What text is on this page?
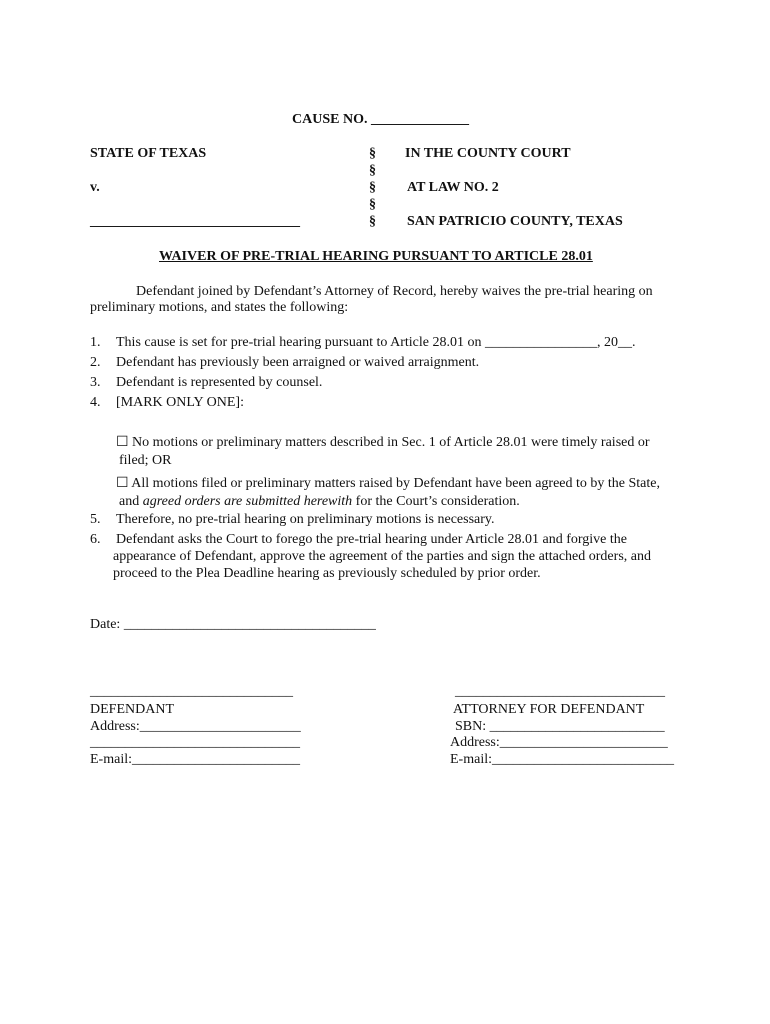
CAUSE NO. ______________
STATE OF TEXAS
v.
______________________________
§
§
§
§
§
IN THE COUNTY COURT
AT LAW NO. 2
SAN PATRICIO COUNTY, TEXAS
WAIVER OF PRE-TRIAL HEARING PURSUANT TO ARTICLE 28.01
Defendant joined by Defendant’s Attorney of Record, hereby waives the pre-trial hearing on
preliminary motions, and states the following:
1. This cause is set for pre-trial hearing pursuant to Article 28.01 on ________________, 20__.
2. Defendant has previously been arraigned or waived arraignment.
3. Defendant is represented by counsel.
4. [MARK ONLY ONE]:
☐ No motions or preliminary matters described in Sec. 1 of Article 28.01 were timely raised or
filed; OR
☐ All motions filed or preliminary matters raised by Defendant have been agreed to by the State,
and agreed orders are submitted herewith for the Court’s consideration.
5. Therefore, no pre-trial hearing on preliminary motions is necessary.
6. Defendant asks the Court to forego the pre-trial hearing under Article 28.01 and forgive the
appearance of Defendant, approve the agreement of the parties and sign the attached orders, and
proceed to the Plea Deadline hearing as previously scheduled by prior order.
Date: ____________________________________
_____________________________
DEFENDANT
Address:_______________________
______________________________
E-mail:________________________
______________________________
ATTORNEY FOR DEFENDANT
SBN: _________________________
Address:________________________
E-mail:__________________________
